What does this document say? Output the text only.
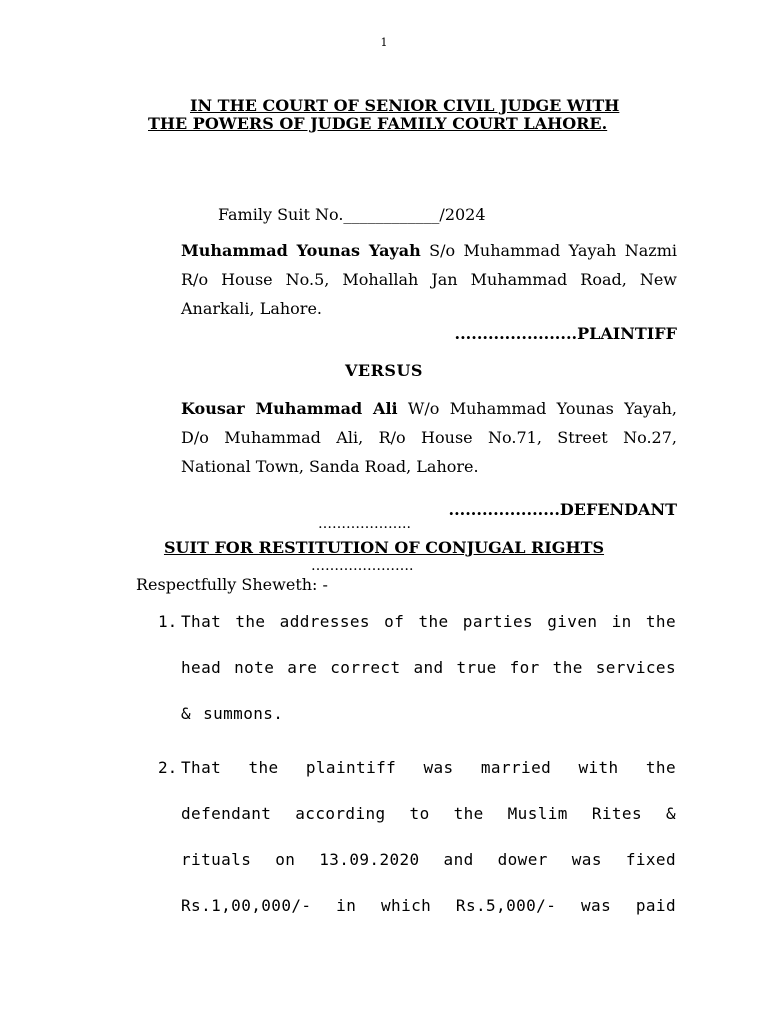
1
IN THE COURT OF SENIOR CIVIL JUDGE WITH
THE POWERS OF JUDGE FAMILY COURT LAHORE.
Family Suit No.____________/2024
Muhammad Younas Yayah S/o Muhammad Yayah Nazmi R/o House No.5, Mohallah Jan Muhammad Road, New Anarkali, Lahore.
......................PLAINTIFF
VERSUS
Kousar Muhammad Ali W/o Muhammad Younas Yayah, D/o Muhammad Ali, R/o House No.71, Street No.27, National Town, Sanda Road, Lahore.
....................DEFENDANT
………………..
SUIT FOR RESTITUTION OF CONJUGAL RIGHTS
………………….
Respectfully Sheweth: -
1. That the addresses of the parties given in the head note are correct and true for the services & summons.
2. That the plaintiff was married with the defendant according to the Muslim Rites & rituals on 13.09.2020 and dower was fixed Rs.1,00,000/- in which Rs.5,000/- was paid
